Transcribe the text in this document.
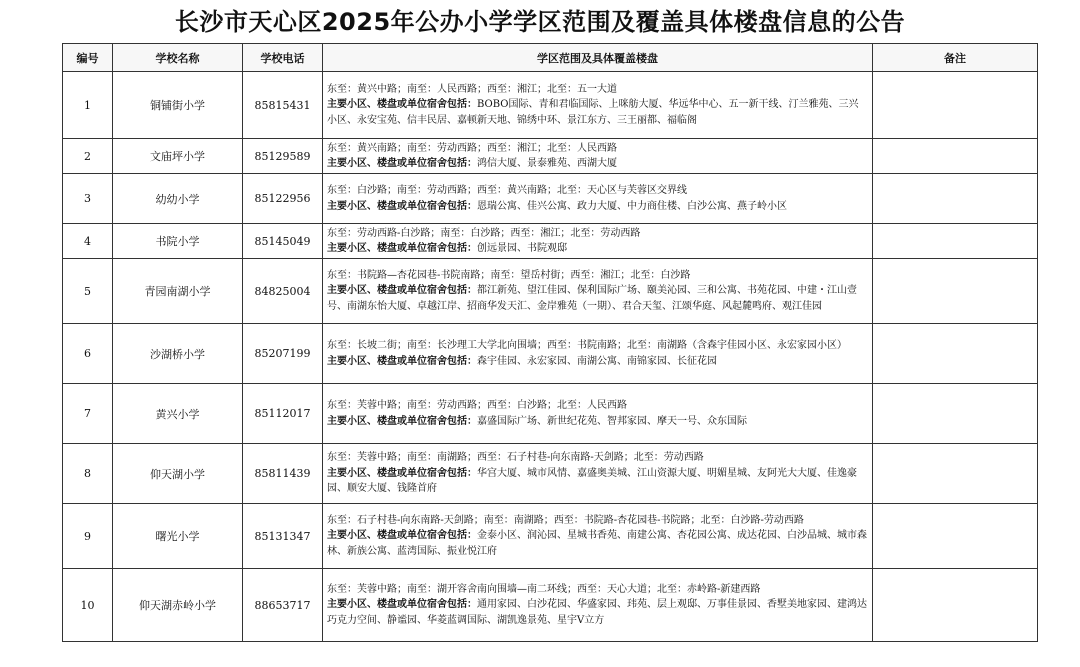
长沙市天心区2025年公办小学学区范围及覆盖具体楼盘信息的公告
编号	学校名称	学校电话	学区范围及具体覆盖楼盘	备注
1	铜铺街小学	85815431	东至：黄兴中路；南至：人民西路；西至：湘江；北至：五一大道
主要小区、楼盘或单位宿舍包括：BOBO国际、青和君临国际、上咪舫大厦、华远华中心、五一新干线、汀兰雅苑、三兴小区、永安宝苑、信丰民居、嘉顿新天地、锦绣中环、景江东方、三王丽都、福临阁	
2	文庙坪小学	85129589	东至：黄兴南路；南至：劳动西路；西至：湘江；北至：人民西路
主要小区、楼盘或单位宿舍包括：鸿信大厦、景泰雅苑、西湖大厦	
3	幼幼小学	85122956	东至：白沙路；南至：劳动西路；西至：黄兴南路；北至：天心区与芙蓉区交界线
主要小区、楼盘或单位宿舍包括：恩瑞公寓、佳兴公寓、政力大厦、中力商住楼、白沙公寓、燕子岭小区	
4	书院小学	85145049	东至：劳动西路-白沙路；南至：白沙路；西至：湘江；北至：劳动西路
主要小区、楼盘或单位宿舍包括：创远景园、书院观邸	
5	青园南湖小学	84825004	东至：书院路—杏花园巷-书院南路；南至：望岳村街；西至：湘江；北至：白沙路
主要小区、楼盘或单位宿舍包括：都江新苑、望江佳园、保利国际广场、颐美沁园、三和公寓、书苑花园、中建・江山壹号、南湖东怡大厦、卓越江岸、招商华发天汇、金岸雅苑（一期）、君合天玺、江颂华庭、风起麓鸣府、观江佳园	
6	沙湖桥小学	85207199	东至：长坡二街；南至：长沙理工大学北向围墙；西至：书院南路；北至：南湖路（含森宇佳园小区、永宏家园小区）
主要小区、楼盘或单位宿舍包括：森宇佳园、永宏家园、南湖公寓、南锦家园、长征花园	
7	黄兴小学	85112017	东至：芙蓉中路；南至：劳动西路；西至：白沙路；北至：人民西路
主要小区、楼盘或单位宿舍包括：嘉盛国际广场、新世纪花苑、智邦家园、摩天一号、众东国际	
8	仰天湖小学	85811439	东至：芙蓉中路；南至：南湖路；西至：石子村巷-向东南路-天剑路；北至：劳动西路
主要小区、楼盘或单位宿舍包括：华宫大厦、城市风情、嘉盛奥美城、江山资源大厦、明媚星城、友阿光大大厦、佳逸豪园、顺安大厦、钱隆首府	
9	曙光小学	85131347	东至：石子村巷-向东南路-天剑路；南至：南湖路；西至：书院路-杏花园巷-书院路；北至：白沙路-劳动西路
主要小区、楼盘或单位宿舍包括：金泰小区、润沁园、星城书香苑、南建公寓、杏花园公寓、成达花园、白沙品城、城市森林、新族公寓、蓝湾国际、振业悦江府	
10	仰天湖赤岭小学	88653717	东至：芙蓉中路；南至：湖开容舍南向围墙—南二环线；西至：天心大道；北至：赤岭路-新建西路
主要小区、楼盘或单位宿舍包括：通用家园、白沙花园、华盛家园、玮苑、层上观邸、万事佳景园、香墅美地家园、建鸿达巧克力空间、静谧园、华菱蓝调国际、湖凯逸景苑、星宇V立方	
